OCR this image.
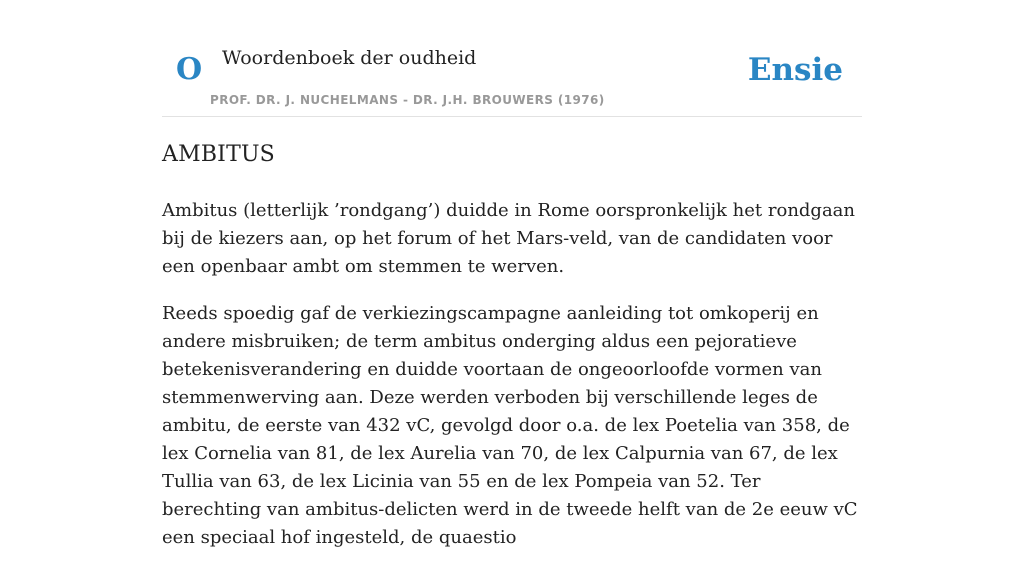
O Woordenboek der oudheid
PROF. DR. J. NUCHELMANS - DR. J.H. BROUWERS (1976)
Ensie
AMBITUS

Ambitus (letterlijk ’rondgang’) duidde in Rome oorspronkelijk het rondgaan bij de kiezers aan, op het forum of het Mars-veld, van de candidaten voor een openbaar ambt om stemmen te werven.

Reeds spoedig gaf de verkiezingscampagne aanleiding tot omkoperij en andere misbruiken; de term ambitus onderging aldus een pejoratieve betekenisverandering en duidde voortaan de ongeoorloofde vormen van stemmenwerving aan. Deze werden verboden bij verschillende leges de ambitu, de eerste van 432 vC, gevolgd door o.a. de lex Poetelia van 358, de lex Cornelia van 81, de lex Aurelia van 70, de lex Calpurnia van 67, de lex Tullia van 63, de lex Licinia van 55 en de lex Pompeia van 52. Ter berechting van ambitus-delicten werd in de tweede helft van de 2e eeuw vC een speciaal hof ingesteld, de quaestio
